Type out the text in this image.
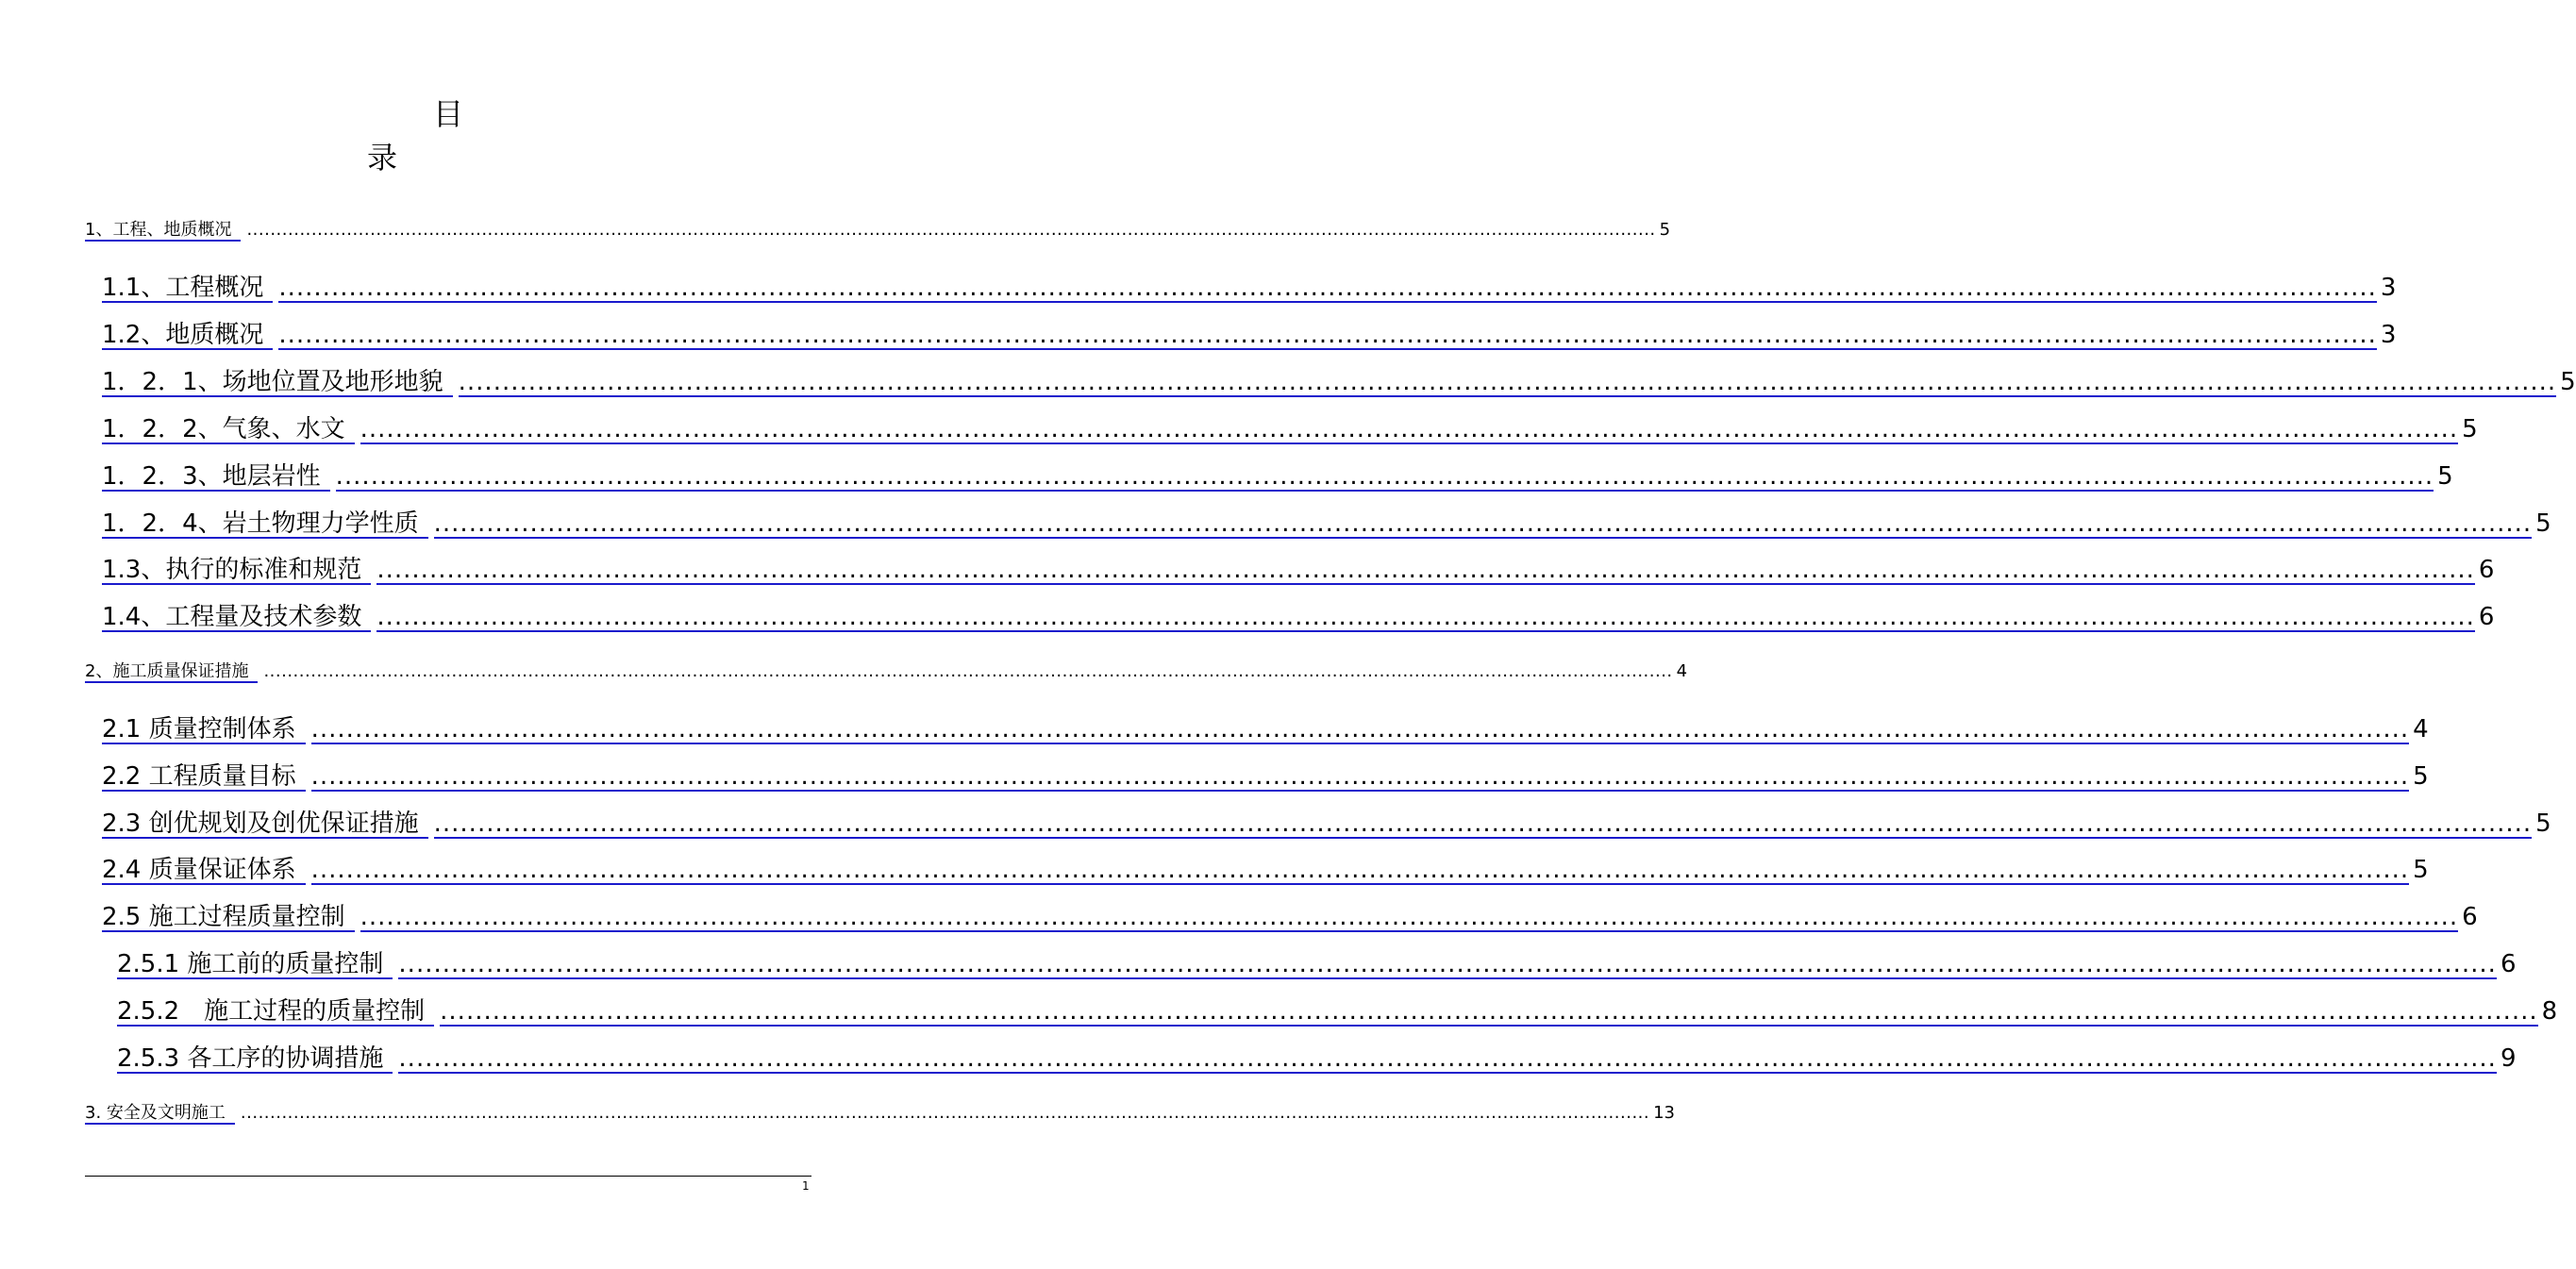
目　　　录
1、工程、地质概况 .....	5
1.1、工程概况 .....	3
1.2、地质概况 .....	3
1．2．1、场地位置及地形地貌 .....	5
1．2．2、气象、水文 .....	5
1．2．3、地层岩性 .....	5
1．2．4、岩土物理力学性质 .....	5
1.3、执行的标准和规范 .....	6
1.4、工程量及技术参数 .....	6
2、施工质量保证措施 .....	4
2.1 质量控制体系 .....	4
2.2 工程质量目标 .....	5
2.3 创优规划及创优保证措施 .....	5
2.4 质量保证体系 .....	5
2.5 施工过程质量控制 .....	6
2.5.1 施工前的质量控制 .....	6
2.5.2　施工过程的质量控制 .....	8
2.5.3 各工序的协调措施 .....	9
3. 安全及文明施工 .....	13
1
